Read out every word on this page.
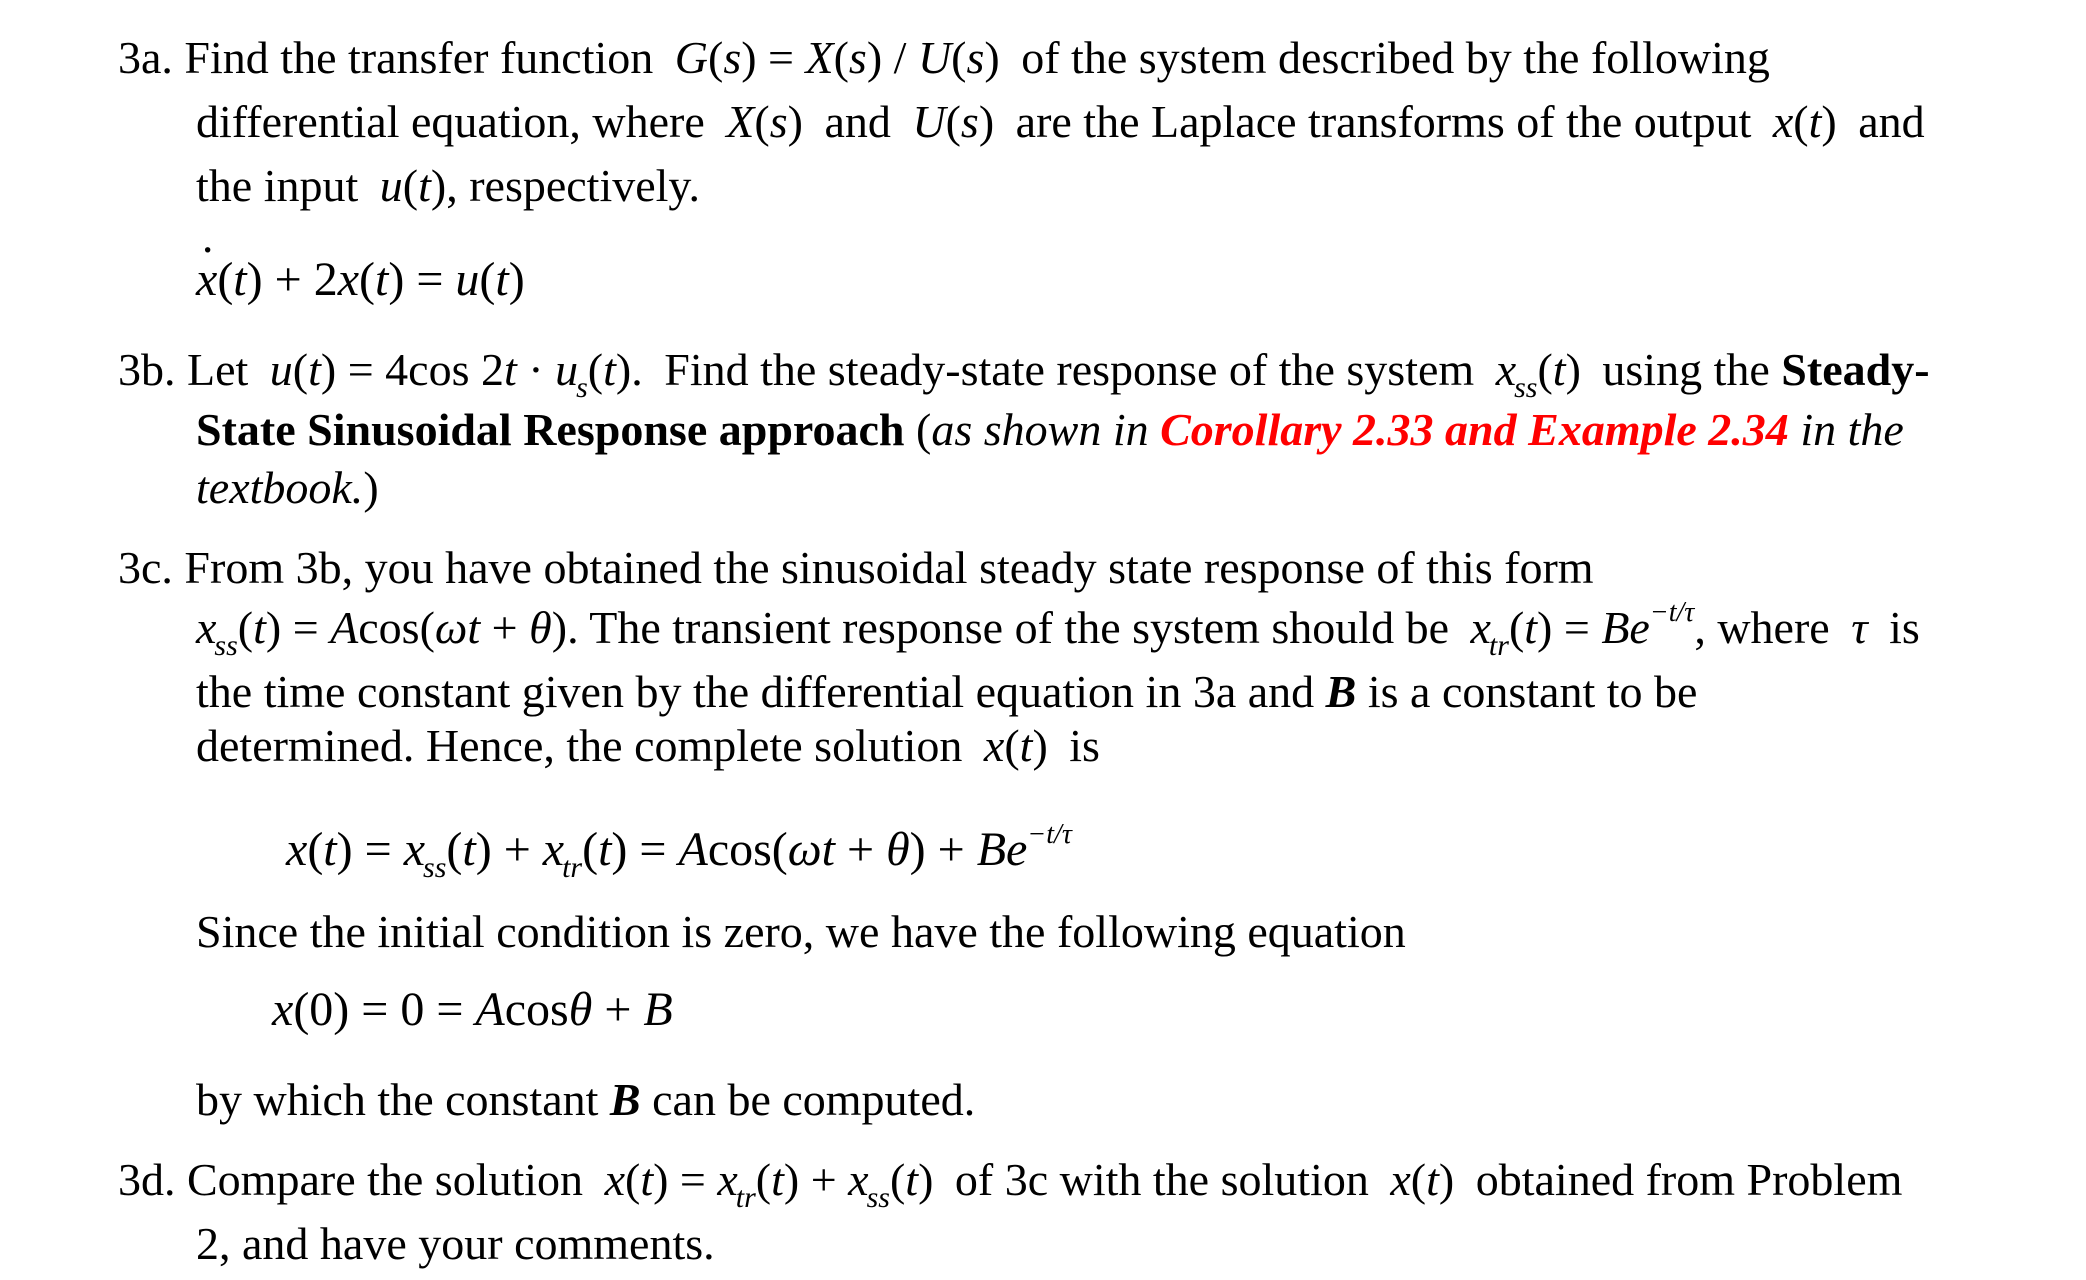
3a. Find the transfer function G(s) = X(s) / U(s) of the system described by the following
differential equation, where X(s) and U(s) are the Laplace transforms of the output x(t) and
the input u(t), respectively.
· x(t) + 2x(t) = u(t)
3b. Let u(t) = 4cos $2t \cdot u_s(t)$. Find the steady-state response of the system $x_{ss}(t)$ using the Steady-
State Sinusoidal Response approach (as shown in Corollary 2.33 and Example 2.34 in the
textbook.)
3c. From 3b, you have obtained the sinusoidal steady state response of this form
$x_{ss}(t) = Acos(\omega t + \theta)$. The transient response of the system should be $x_{tr}(t) = Be^{-t/\tau}$, where τ is
the time constant given by the differential equation in 3a and B is a constant to be
determined. Hence, the complete solution x(t) is
$x(t) = x_{ss}(t) + x_{tr}(t) = Acos(\omega t + \theta) + Be^{-t/\tau}$
Since the initial condition is zero, we have the following equation
x(0) = 0 = Acosθ + B
by which the constant B can be computed.
3d. Compare the solution $x(t) = x_{tr}(t) + x_{ss}(t)$ of 3c with the solution x(t) obtained from Problem
2, and have your comments.
